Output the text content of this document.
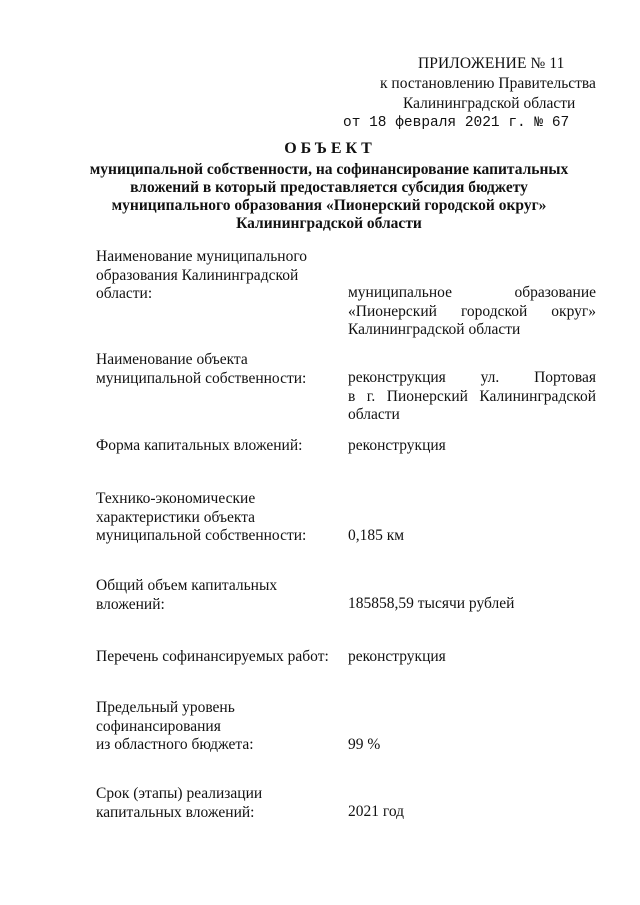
ПРИЛОЖЕНИЕ № 11
к постановлению Правительства
Калининградской области
от 18 февраля 2021 г. № 67
ОБЪЕКТ
муниципальной собственности, на софинансирование капитальных
вложений в который предоставляется субсидия бюджету
муниципального образования «Пионерский городской округ»
Калининградской области
Наименование муниципального
образования Калининградской
области:	муниципальное образование
«Пионерский городской округ»
Калининградской области
Наименование объекта
муниципальной собственности:	реконструкция ул. Портовая
в г. Пионерский Калининградской
области
Форма капитальных вложений:	реконструкция
Технико-экономические
характеристики объекта
муниципальной собственности:	0,185 км
Общий объем капитальных
вложений:	185858,59 тысячи рублей
Перечень софинансируемых работ: реконструкция
Предельный уровень
софинансирования
из областного бюджета:	99 %
Срок (этапы) реализации
капитальных вложений:	2021 год
